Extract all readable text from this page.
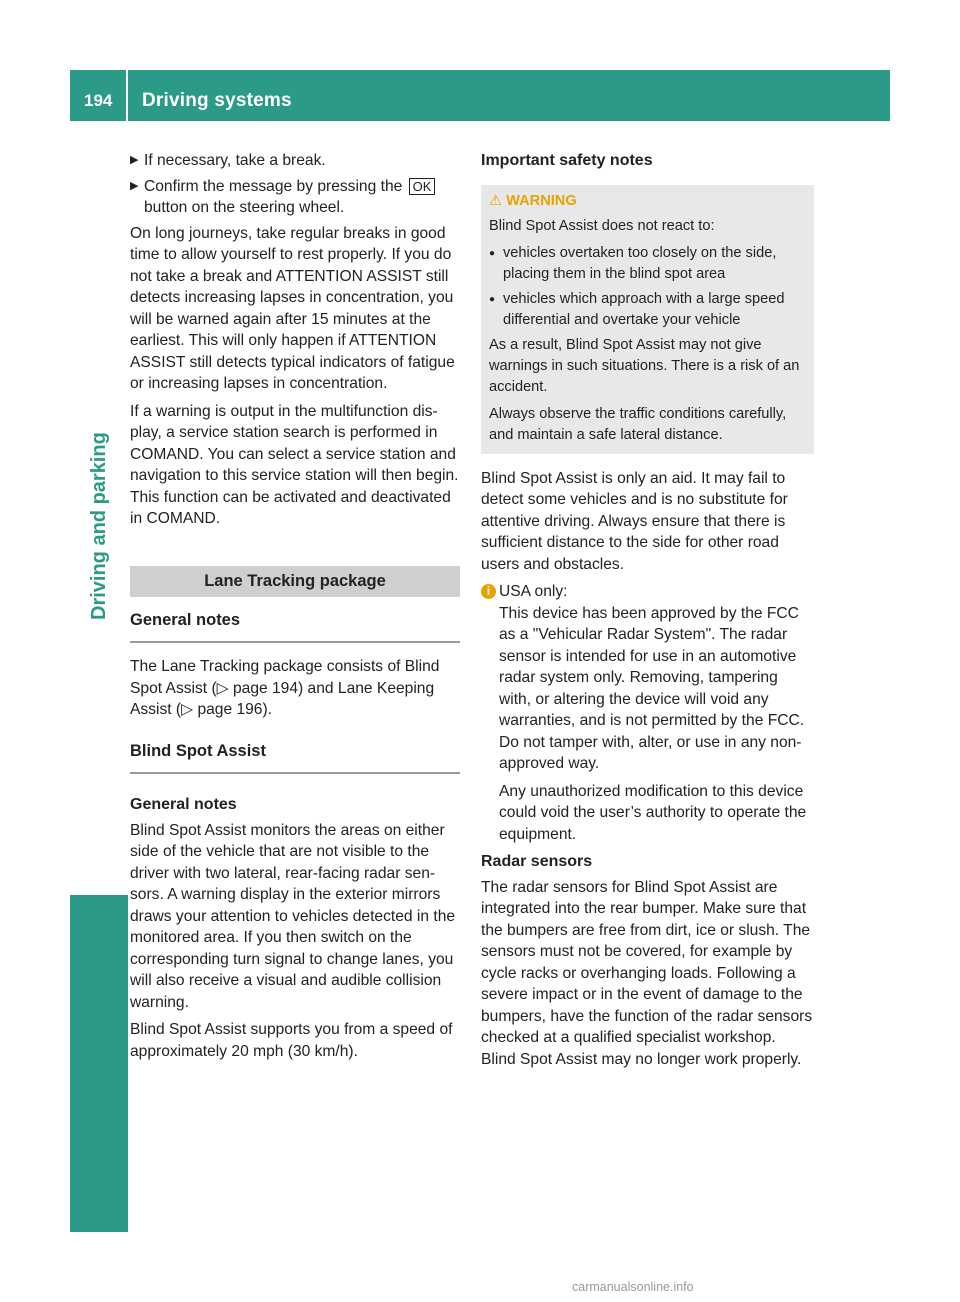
194 Driving systems
Driving and parking
▶ If necessary, take a break.
▶ Confirm the message by pressing the OK button on the steering wheel.

On long journeys, take regular breaks in good time to allow yourself to rest properly. If you do not take a break and ATTENTION ASSIST still detects increasing lapses in concentration, you will be warned again after 15 minutes at the earliest. This will only happen if ATTENTION ASSIST still detects typical indicators of fatigue or increasing lapses in concentration.

If a warning is output in the multifunction display, a service station search is performed in COMAND. You can select a service station and navigation to this service station will then begin. This function can be activated and deactivated in COMAND.

Lane Tracking package
General notes

The Lane Tracking package consists of Blind Spot Assist (▷ page 194) and Lane Keeping Assist (▷ page 196).

Blind Spot Assist
General notes

Blind Spot Assist monitors the areas on either side of the vehicle that are not visible to the driver with two lateral, rear-facing radar sensors. A warning display in the exterior mirrors draws your attention to vehicles detected in the monitored area. If you then switch on the corresponding turn signal to change lanes, you will also receive a visual and audible collision warning.

Blind Spot Assist supports you from a speed of approximately 20 mph (30 km/h).

Important safety notes
⚠ WARNING

Blind Spot Assist does not react to:

● vehicles overtaken too closely on the side, placing them in the blind spot area
● vehicles which approach with a large speed differential and overtake your vehicle

As a result, Blind Spot Assist may not give warnings in such situations. There is a risk of an accident.

Always observe the traffic conditions carefully, and maintain a safe lateral distance.

Blind Spot Assist is only an aid. It may fail to detect some vehicles and is no substitute for attentive driving. Always ensure that there is sufficient distance to the side for other road users and obstacles.

i USA only:

This device has been approved by the FCC as a "Vehicular Radar System". The radar sensor is intended for use in an automotive radar system only. Removing, tampering with, or altering the device will void any warranties, and is not permitted by the FCC. Do not tamper with, alter, or use in any non-approved way.

Any unauthorized modification to this device could void the user’s authority to operate the equipment.

Radar sensors

The radar sensors for Blind Spot Assist are integrated into the rear bumper. Make sure that the bumpers are free from dirt, ice or slush. The sensors must not be covered, for example by cycle racks or overhanging loads. Following a severe impact or in the event of damage to the bumpers, have the function of the radar sensors checked at a qualified specialist workshop. Blind Spot Assist may no longer work properly.

carmanualsonline.info
